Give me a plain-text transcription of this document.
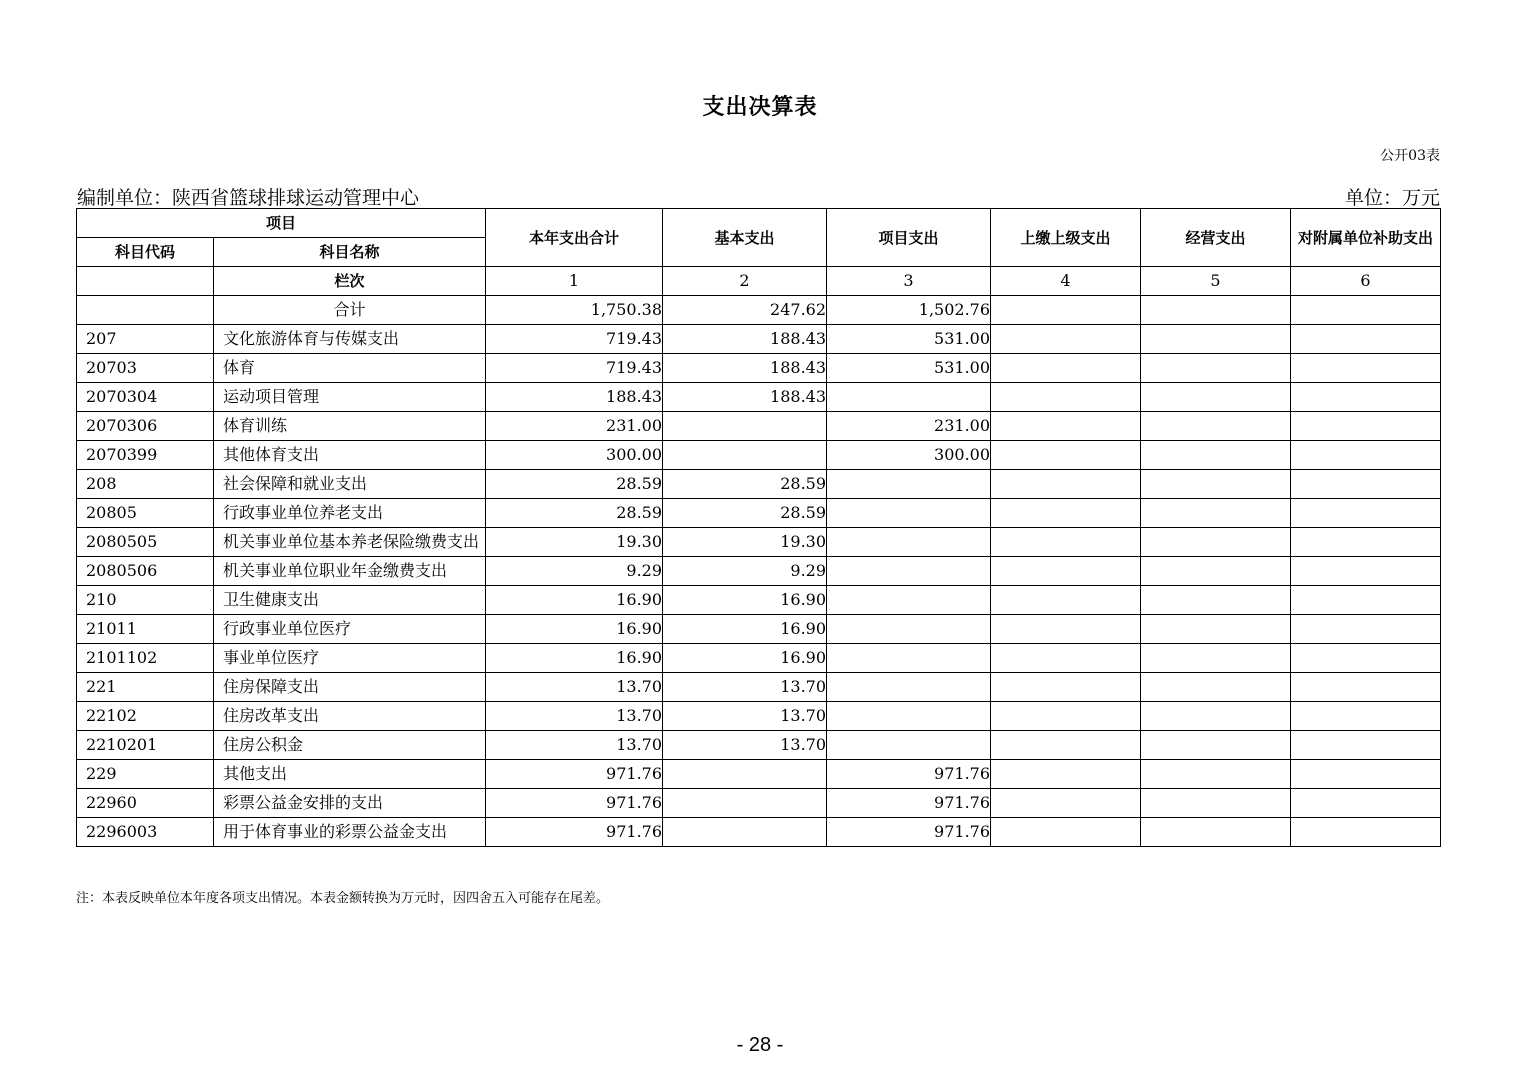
支出决算表
公开03表
编制单位：陕西省篮球排球运动管理中心	单位：万元
项目		本年支出合计	基本支出	项目支出	上缴上级支出	经营支出	对附属单位补助支出
科目代码	科目名称						
	栏次	1	2	3	4	5	6
	合计	1,750.38	247.62	1,502.76			
207	文化旅游体育与传媒支出	719.43	188.43	531.00			
20703	体育	719.43	188.43	531.00			
2070304	运动项目管理	188.43	188.43				
2070306	体育训练	231.00		231.00			
2070399	其他体育支出	300.00		300.00			
208	社会保障和就业支出	28.59	28.59				
20805	行政事业单位养老支出	28.59	28.59				
2080505	机关事业单位基本养老保险缴费支出	19.30	19.30				
2080506	机关事业单位职业年金缴费支出	9.29	9.29				
210	卫生健康支出	16.90	16.90				
21011	行政事业单位医疗	16.90	16.90				
2101102	事业单位医疗	16.90	16.90				
221	住房保障支出	13.70	13.70				
22102	住房改革支出	13.70	13.70				
2210201	住房公积金	13.70	13.70				
229	其他支出	971.76		971.76			
22960	彩票公益金安排的支出	971.76		971.76			
2296003	用于体育事业的彩票公益金支出	971.76		971.76			
注：本表反映单位本年度各项支出情况。本表金额转换为万元时，因四舍五入可能存在尾差。
- 28 -
